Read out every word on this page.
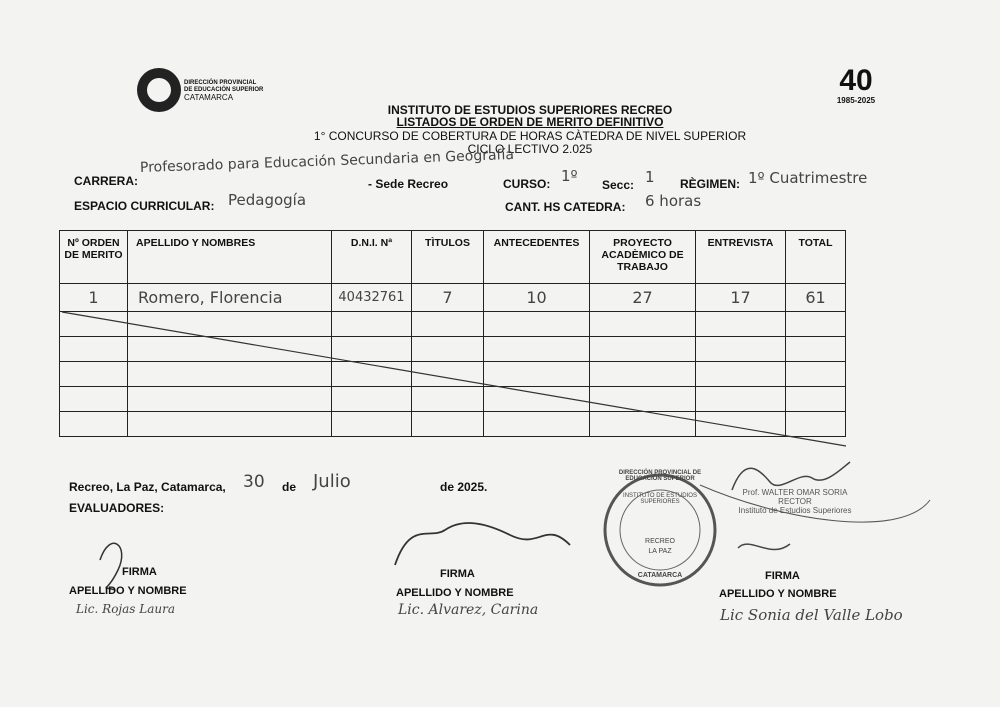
DIRECCIÓN PROVINCIAL
DE EDUCACIÓN SUPERIOR
CATAMARCA
40
1985-2025
INSTITUTO DE ESTUDIOS SUPERIORES RECREO
LISTADOS DE ORDEN DE MERITO DEFINITIVO
1° CONCURSO DE COBERTURA DE HORAS CÀTEDRA DE NIVEL SUPERIOR
CICLO LECTIVO 2.025
CARRERA:
Profesorado para Educación Secundaria en Geografía
- Sede Recreo	CURSO: 1º Secc: 1 RÈGIMEN: 1º Cuatrimestre
ESPACIO CURRICULAR: Pedagogía	CANT. HS CATEDRA: 6 horas
Nº ORDEN DE MERITO	APELLIDO Y NOMBRES	D.N.I. Nª	TÌTULOS	ANTECEDENTES	PROYECTO ACADÈMICO DE TRABAJO	ENTREVISTA	TOTAL
1	Romero, Florencia	40432761	7	10	27	17	61

Recreo, La Paz, Catamarca, 30 de Julio	de 2025.
EVALUADORES:
DIRECCIÓN PROVINCIAL DE EDUCACIÓN SUPERIOR
INSTITUTO DE ESTUDIOS SUPERIORES
RECREO
LA PAZ
CATAMARCA
Prof. WALTER OMAR SORIA
RECTOR
Instituto de Estudios Superiores
FIRMA
APELLIDO Y NOMBRE
Lic. Rojas Laura
FIRMA
APELLIDO Y NOMBRE
Lic. Alvarez, Carina
FIRMA
APELLIDO Y NOMBRE
Lic Sonia del Valle Lobo
